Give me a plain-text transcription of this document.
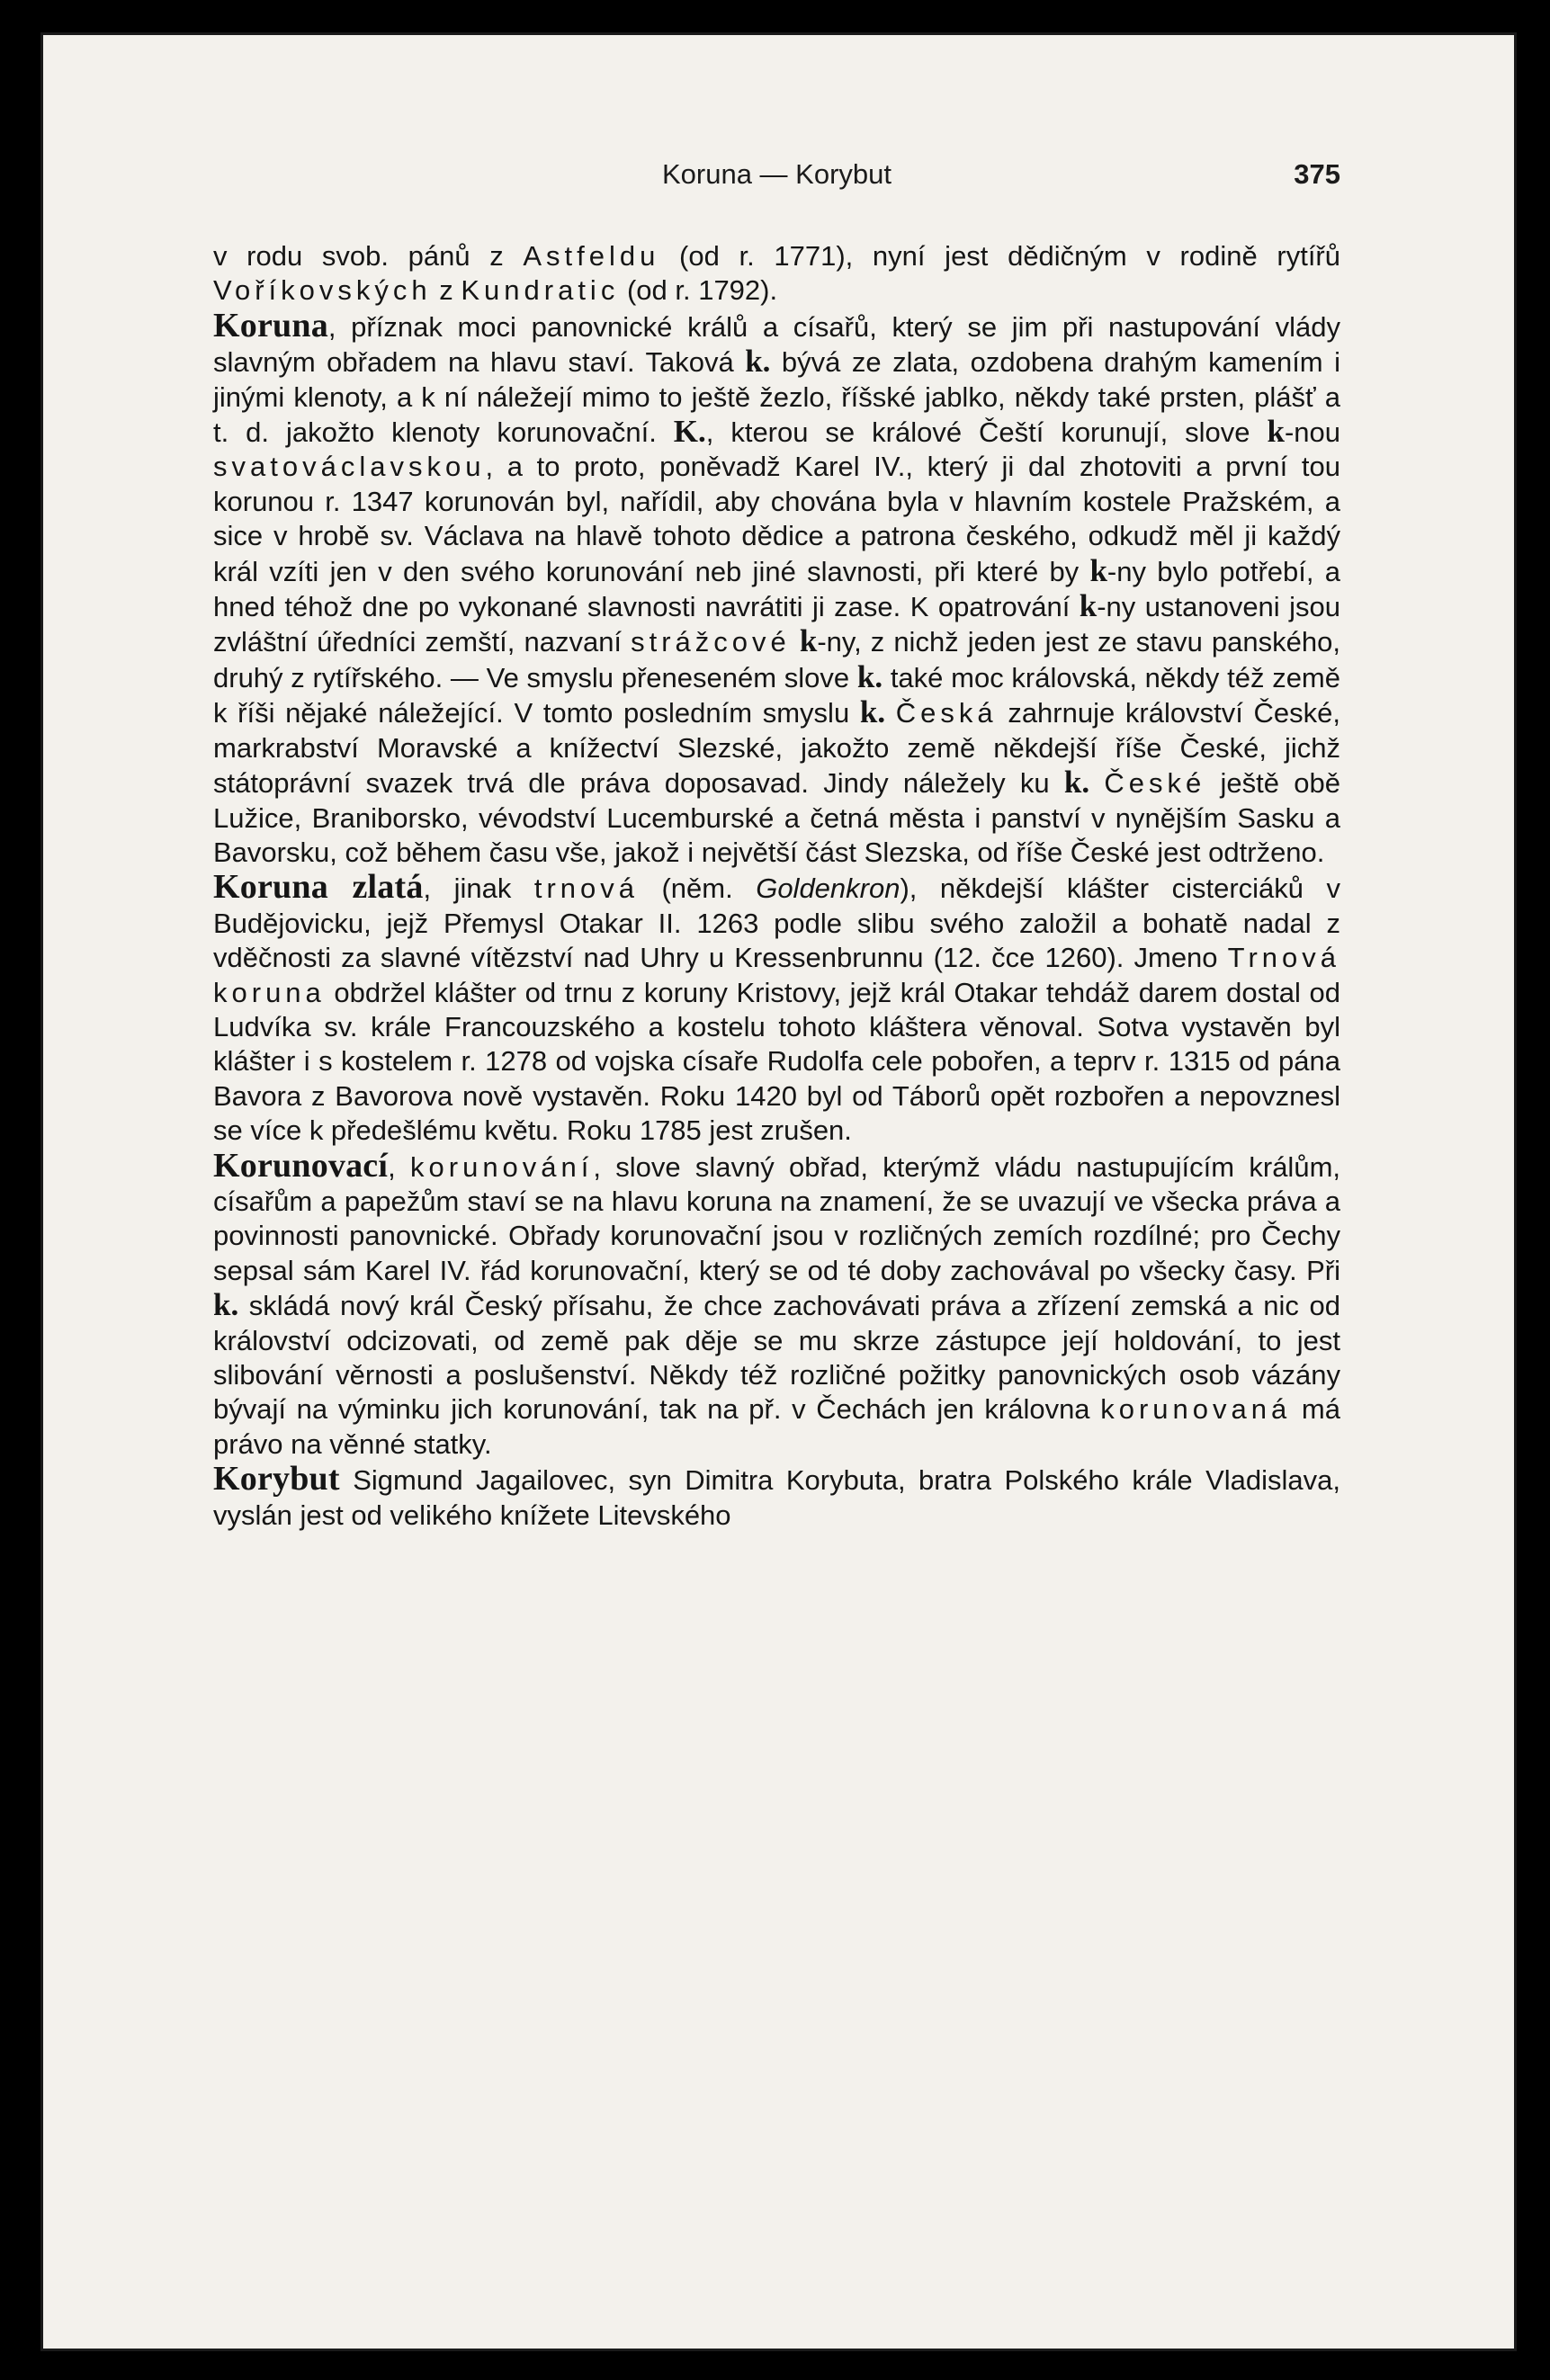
Koruna — Korybut	375

v rodu svob. pánů z Astfeldu (od r. 1771), nyní jest dědičným v rodině rytířů Voříkovských z Kundratic (od r. 1792).

Koruna, příznak moci panovnické králů a císařů, který se jim při nastupování vlády slavným obřadem na hlavu staví. Taková k. bývá ze zlata, ozdobena drahým kamením i jinými klenoty, a k ní náležejí mimo to ještě žezlo, říšské jablko, někdy také prsten, plášť a t. d. jakožto klenoty korunovační. K., kterou se králové Čeští korunují, slove k-nou svatováclavskou, a to proto, poněvadž Karel IV., který ji dal zhotoviti a první tou korunou r. 1347 korunován byl, nařídil, aby chována byla v hlavním kostele Pražském, a sice v hrobě sv. Václava na hlavě tohoto dědice a patrona českého, odkudž měl ji každý král vzíti jen v den svého korunování neb jiné slavnosti, při které by k-ny bylo potřebí, a hned téhož dne po vykonané slavnosti navrátiti ji zase. K opatrování k-ny ustanoveni jsou zvláštní úředníci zemští, nazvaní strážcové k-ny, z nichž jeden jest ze stavu panského, druhý z rytířského. — Ve smyslu přeneseném slove k. také moc královská, někdy též země k říši nějaké náležející. V tomto posledním smyslu k. Česká zahrnuje království České, markrabství Moravské a knížectví Slezské, jakožto země někdejší říše České, jichž státoprávní svazek trvá dle práva doposavad. Jindy náležely ku k. České ještě obě Lužice, Braniborsko, vévodství Lucemburské a četná města i panství v nynějším Sasku a Bavorsku, což během času vše, jakož i největší část Slezska, od říše České jest odtrženo.

Koruna zlatá, jinak trnová (něm. Goldenkron), někdejší klášter cisterciáků v Budějovicku, jejž Přemysl Otakar II. 1263 podle slibu svého založil a bohatě nadal z vděčnosti za slavné vítězství nad Uhry u Kressenbrunnu (12. čce 1260). Jmeno Trnová koruna obdržel klášter od trnu z koruny Kristovy, jejž král Otakar tehdáž darem dostal od Ludvíka sv. krále Francouzského a kostelu tohoto kláštera věnoval. Sotva vystavěn byl klášter i s kostelem r. 1278 od vojska císaře Rudolfa cele pobořen, a teprv r. 1315 od pána Bavora z Bavorova nově vystavěn. Roku 1420 byl od Táborů opět rozbořen a nepovznesl se více k předešlému květu. Roku 1785 jest zrušen.

Korunovací, korunování, slove slavný obřad, kterýmž vládu nastupujícím králům, císařům a papežům staví se na hlavu koruna na znamení, že se uvazují ve všecka práva a povinnosti panovnické. Obřady korunovační jsou v rozličných zemích rozdílné; pro Čechy sepsal sám Karel IV. řád korunovační, který se od té doby zachovával po všecky časy. Při k. skládá nový král Český přísahu, že chce zachovávati práva a zřízení zemská a nic od království odcizovati, od země pak děje se mu skrze zástupce její holdování, to jest slibování věrnosti a poslušenství. Někdy též rozličné požitky panovnických osob vázány bývají na výminku jich korunování, tak na př. v Čechách jen královna korunovaná má právo na věnné statky.

Korybut Sigmund Jagailovec, syn Dimitra Korybuta, bratra Polského krále Vladislava, vyslán jest od velikého knížete Litevského
